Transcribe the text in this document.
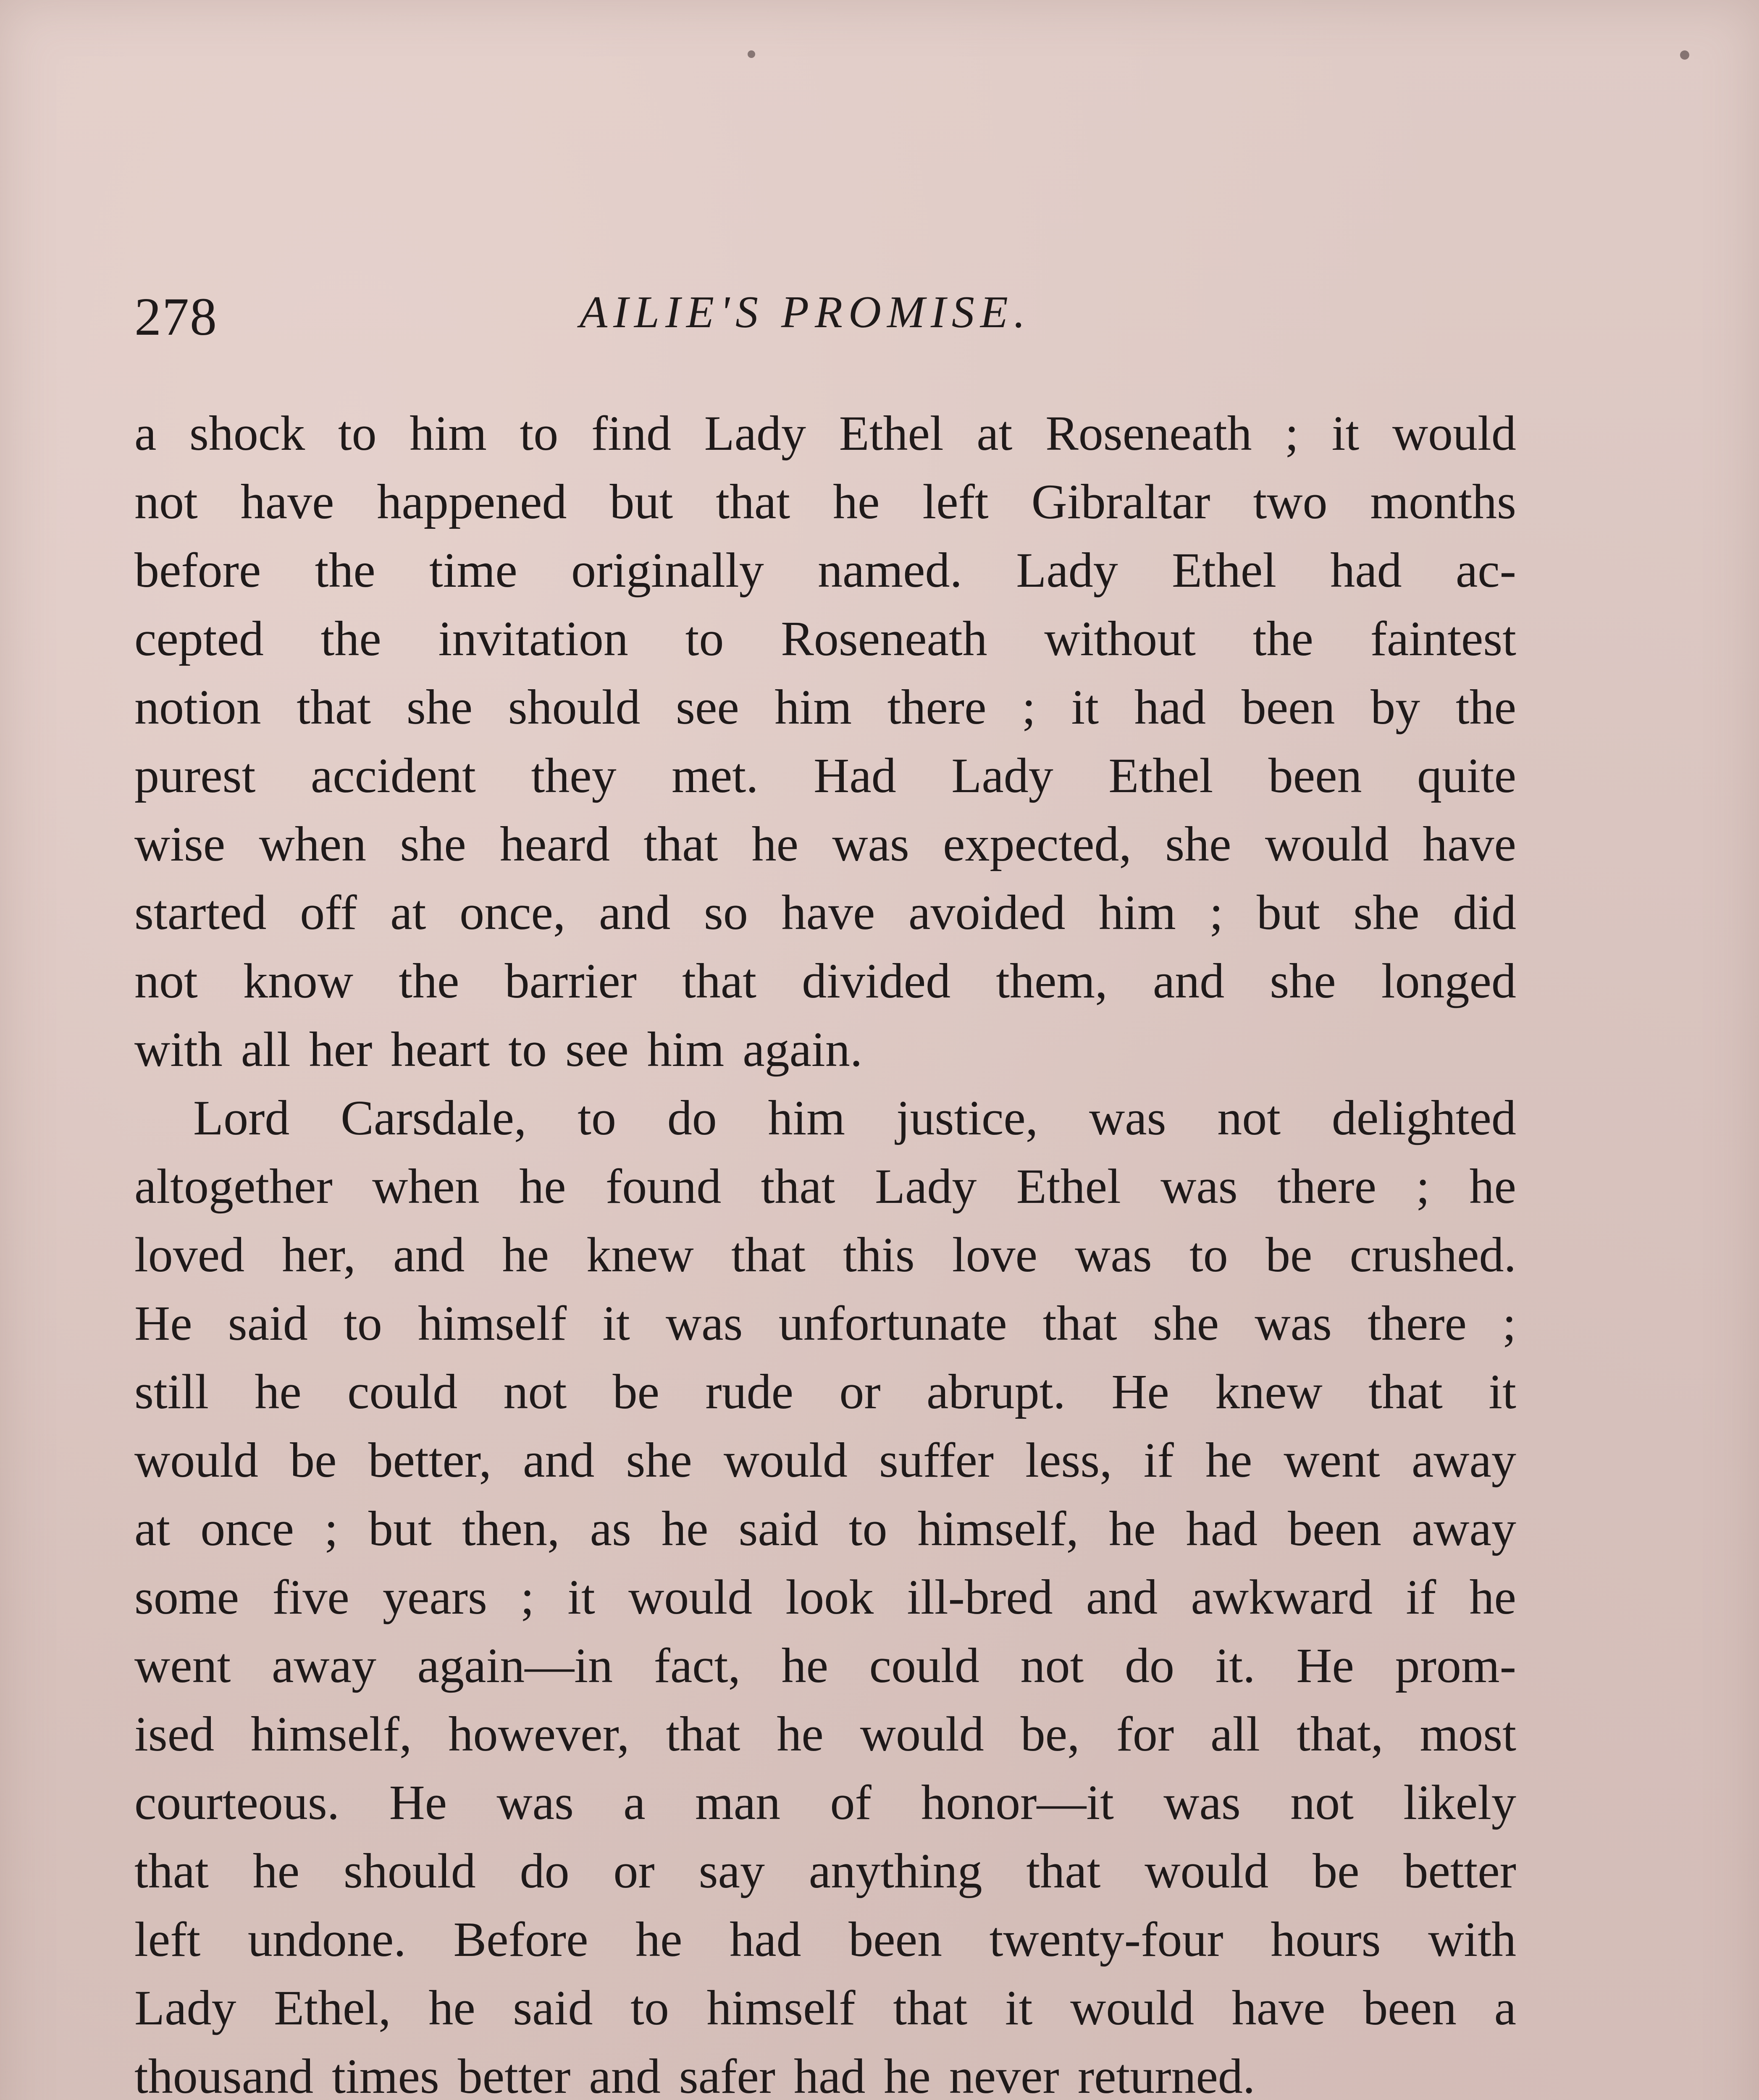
278	AILIE'S PROMISE.
a shock to him to find Lady Ethel at Roseneath ; it would
not have happened but that he left Gibraltar two months
before the time originally named. Lady Ethel had ac-
cepted the invitation to Roseneath without the faintest
notion that she should see him there ; it had been by the
purest accident they met. Had Lady Ethel been quite
wise when she heard that he was expected, she would have
started off at once, and so have avoided him ; but she did
not know the barrier that divided them, and she longed
with all her heart to see him again.
Lord Carsdale, to do him justice, was not delighted
altogether when he found that Lady Ethel was there ; he
loved her, and he knew that this love was to be crushed.
He said to himself it was unfortunate that she was there ;
still he could not be rude or abrupt. He knew that it
would be better, and she would suffer less, if he went away
at once ; but then, as he said to himself, he had been away
some five years ; it would look ill-bred and awkward if he
went away again—in fact, he could not do it. He prom-
ised himself, however, that he would be, for all that, most
courteous. He was a man of honor—it was not likely
that he should do or say anything that would be better
left undone. Before he had been twenty-four hours with
Lady Ethel, he said to himself that it would have been a
thousand times better and safer had he never returned.
